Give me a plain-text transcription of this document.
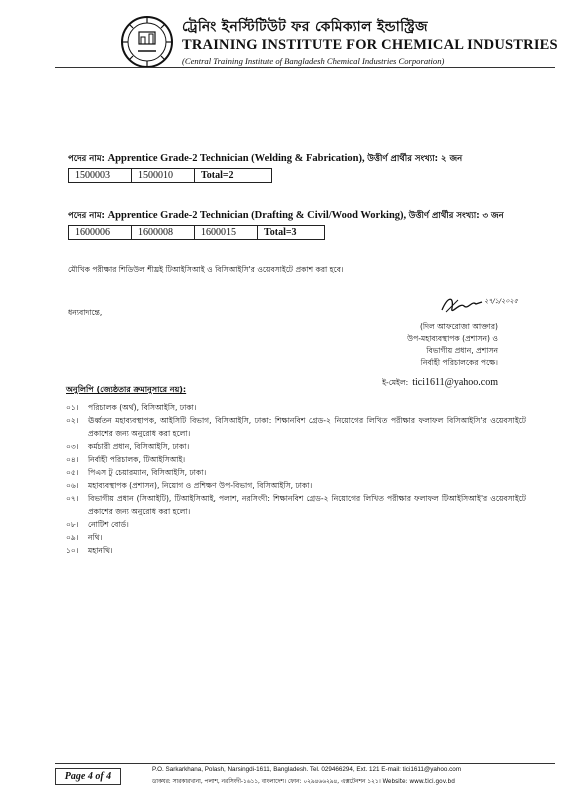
ট্রেনিং ইনস্টিটিউট ফর কেমিক্যাল ইন্ডাস্ট্রিজ
TRAINING INSTITUTE FOR CHEMICAL INDUSTRIES
(Central Training Institute of Bangladesh Chemical Industries Corporation)
পদের নাম: Apprentice Grade-2 Technician (Welding & Fabrication), উত্তীর্ণ প্রার্থীর সংখ্যা: ২ জন
1500003	1500010	Total=2
পদের নাম: Apprentice Grade-2 Technician (Drafting & Civil/Wood Working), উত্তীর্ণ প্রার্থীর সংখ্যা: ৩ জন
1600006	1600008	1600015	Total=3
মৌখিক পরীক্ষার শিডিউল শীঘ্রই টিআইসিআই ও বিসিআইসি'র ওয়েবসাইটে প্রকাশ করা হবে।
ধন্যবাদান্তে,
২৭/১/২০২৫
(দিল আফরোজা আক্তার)
উপ-মহাব্যবস্থাপক (প্রশাসন) ও
বিভাগীয় প্রধান, প্রশাসন
নির্বাহী পরিচালকের পক্ষে।
ই-মেইল: tici1611@yahoo.com
অনুলিপি (জ্যেষ্ঠতার ক্রমানুসারে নয়):
০১।	পরিচালক (অর্থ), বিসিআইসি, ঢাকা।
০২।	ঊর্ধ্বতন মহাব্যবস্থাপক, আইসিটি বিভাগ, বিসিআইসি, ঢাকা: শিক্ষানবিশ গ্রেড-২ নিয়োগের লিখিত পরীক্ষার ফলাফল বিসিআইসি'র ওয়েবসাইটে প্রকাশের জন্য অনুরোধ করা হলো।
০৩।	কর্মচারী প্রধান, বিসিআইসি, ঢাকা।
০৪।	নির্বাহী পরিচালক, টিআইসিআই।
০৫।	পিএস টু চেয়ারম্যান, বিসিআইসি, ঢাকা।
০৬।	মহাব্যবস্থাপক (প্রশাসন), নিয়োগ ও প্রশিক্ষণ উপ-বিভাগ, বিসিআইসি, ঢাকা।
০৭।	বিভাগীয় প্রধান (সিআইটি), টিআইসিআই, পলাশ, নরসিংদী: শিক্ষানবিশ গ্রেড-২ নিয়োগের লিখিত পরীক্ষার ফলাফল টিআইসিআই'র ওয়েবসাইটে প্রকাশের জন্য অনুরোধ করা হলো।
০৮।	নোটিশ বোর্ড।
০৯।	নথি।
১০।	মহানথি।
Page 4 of 4
P.O. Sarkarkhana, Polash, Narsingdi-1611, Bangladesh. Tel. 029466294, Ext. 121 E-mail: tici1611@yahoo.com
ডাকঘর: সারকারখানা, পলাশ, নরসিংদী-১৬১১, বাংলাদেশ। ফোন: ০২৯৪৬৬২৯৪, এক্সটেনশন ১২১। Website: www.tici.gov.bd
